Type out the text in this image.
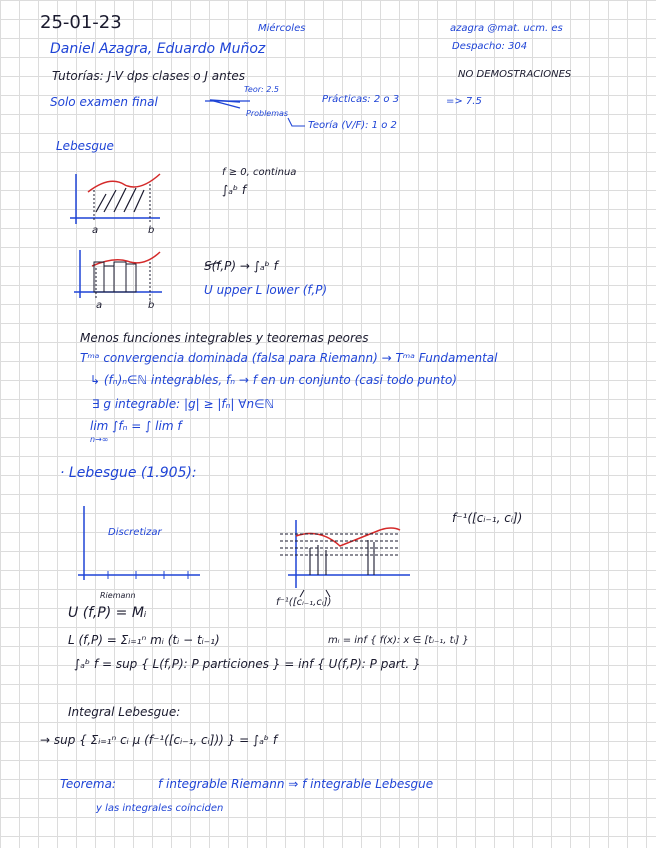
25-01-23	Miércoles	azagra @mat. ucm. es
Despacho: 304
NO DEMOSTRACIONES
Daniel Azagra, Eduardo Muñoz
Tutorías: J-V dps clases o J antes
Solo examen final
Teor: 2.5
Problemas
Prácticas: 2 o 3
Teoría (V/F): 1 o 2
=> 7.5
Lebesgue
a	b
a	b
f ≥ 0, continua
∫ₐᵇ f
S(f,P) → ∫ₐᵇ f
U upper L lower (f,P)
Menos funciones integrables y teoremas peores
Tᵐᵃ convergencia dominada (falsa para Riemann) → Tᵐᵃ Fundamental
↳ (fₙ)ₙ∈ℕ integrables, fₙ → f en un conjunto (casi todo punto)
∃ g integrable: |g| ≥ |fₙ| ∀n∈ℕ
lim ∫fₙ = ∫ lim f
n→∞
· Lebesgue (1.905):
Discretizar
f⁻¹([cᵢ₋₁, cᵢ])
f⁻¹([cᵢ₋₁,cᵢ])
Riemann
U (f,P) = Mᵢ
L (f,P) = Σᵢ₌₁ⁿ mᵢ (tᵢ − tᵢ₋₁)	mᵢ = inf { f(x): x ∈ [tᵢ₋₁, tᵢ] }
∫ₐᵇ f = sup { L(f,P): P particiones } = inf { U(f,P): P part. }
Integral Lebesgue:
→ sup { Σᵢ₌₁ⁿ cᵢ μ (f⁻¹([cᵢ₋₁, cᵢ])) } = ∫ₐᵇ f
Teorema:	f integrable Riemann ⇒ f integrable Lebesgue
y las integrales coinciden
